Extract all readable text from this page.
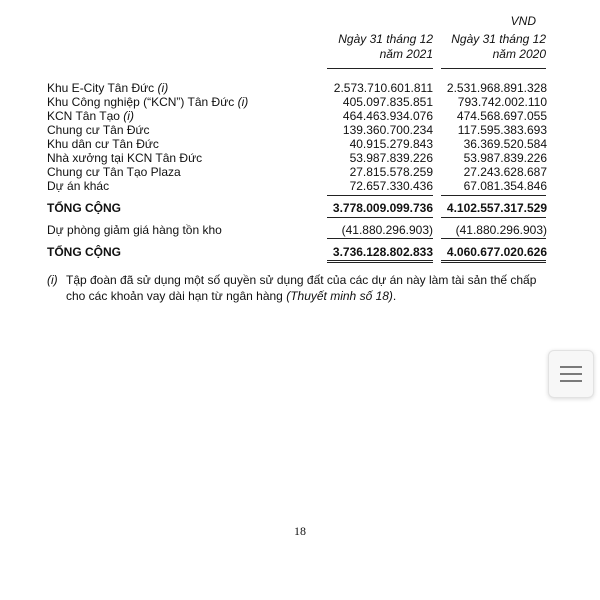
VND
Ngày 31 tháng 12
năm 2021
Ngày 31 tháng 12
năm 2020
Khu E-City Tân Đức (i)	2.573.710.601.811 2.531.968.891.328
Khu Công nghiệp (“KCN”) Tân Đức (i)	405.097.835.851 793.742.002.110
KCN Tân Tạo (i)	464.463.934.076 474.568.697.055
Chung cư Tân Đức	139.360.700.234 117.595.383.693
Khu dân cư Tân Đức	40.915.279.843	36.369.520.584
Nhà xưởng tại KCN Tân Đức	53.987.839.226	53.987.839.226
Chung cư Tân Tạo Plaza	27.815.578.259	27.243.628.687
Dự án khác	72.657.330.436	67.081.354.846
TỔNG CỘNG	3.778.009.099.736 4.102.557.317.529
Dự phòng giảm giá hàng tồn kho	(41.880.296.903) (41.880.296.903)
TỔNG CỘNG	3.736.128.802.833 4.060.677.020.626
(i) Tập đoàn đã sử dụng một số quyền sử dụng đất của các dự án này làm tài sản thế chấp cho các khoản vay dài hạn từ ngân hàng (Thuyết minh số 18).
18
